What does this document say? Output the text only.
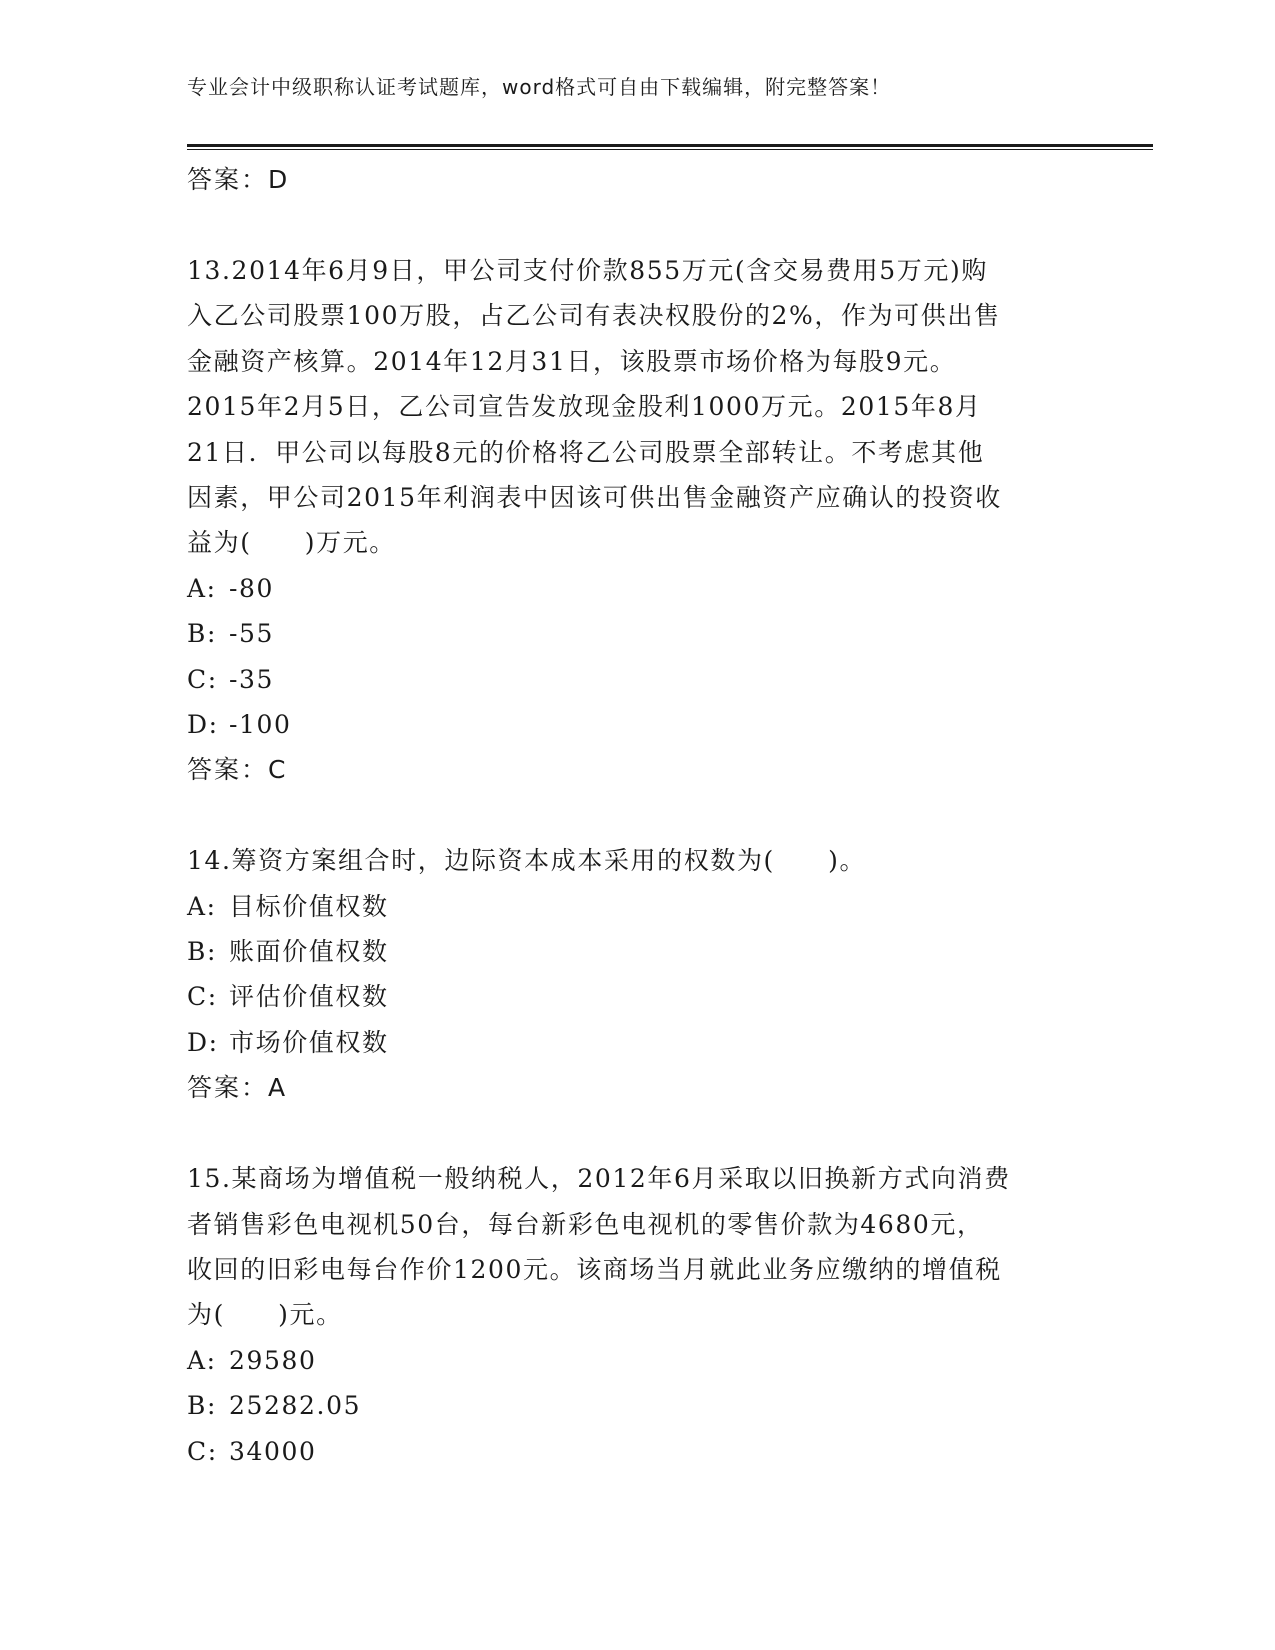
专业会计中级职称认证考试题库，word格式可自由下载编辑，附完整答案！
答案：D
13.2014年6月9日，甲公司支付价款855万元(含交易费用5万元)购
入乙公司股票100万股，占乙公司有表决权股份的2%，作为可供出售
金融资产核算。2014年12月31日，该股票市场价格为每股9元。
2015年2月5日，乙公司宣告发放现金股利1000万元。2015年8月
21日．甲公司以每股8元的价格将乙公司股票全部转让。不考虑其他
因素，甲公司2015年利润表中因该可供出售金融资产应确认的投资收
益为(　　)万元。
A: -80
B: -55
C: -35
D: -100
答案：C
14.筹资方案组合时，边际资本成本采用的权数为(　　)。
A: 目标价值权数
B: 账面价值权数
C: 评估价值权数
D: 市场价值权数
答案：A
15.某商场为增值税一般纳税人，2012年6月采取以旧换新方式向消费
者销售彩色电视机50台，每台新彩色电视机的零售价款为4680元，
收回的旧彩电每台作价1200元。该商场当月就此业务应缴纳的增值税
为(　　)元。
A: 29580
B: 25282.05
C: 34000
